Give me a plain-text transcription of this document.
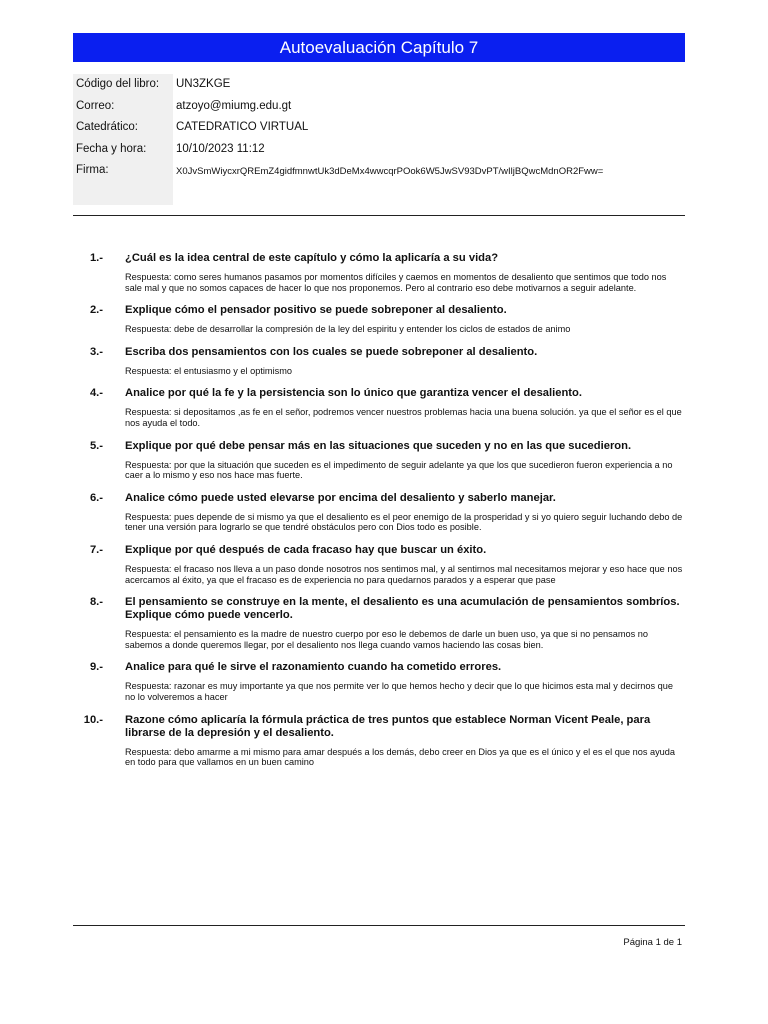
Autoevaluación Capítulo 7
Código del libro:	UN3ZKGE
Correo:	atzoyo@miumg.edu.gt
Catedrático:	CATEDRATICO VIRTUAL
Fecha y hora:	10/10/2023 11:12
Firma:	X0JvSmWiycxrQREmZ4gidfmnwtUk3dDeMx4wwcqrPOok6W5JwSV93DvPT/wIljBQwcMdnOR2Fww=
1.-	¿Cuál es la idea central de este capítulo y cómo la aplicaría a su vida?
Respuesta: como seres humanos pasamos por momentos difíciles y caemos en momentos de desaliento que sentimos que todo nos sale mal y que no somos capaces de hacer lo que nos proponemos. Pero al contrario eso debe motivarnos a seguir adelante.
2.-	Explique cómo el pensador positivo se puede sobreponer al desaliento.
Respuesta: debe de desarrollar la compresión de la ley del espiritu y entender los ciclos de estados de animo
3.-	Escriba dos pensamientos con los cuales se puede sobreponer al desaliento.
Respuesta: el entusiasmo y el optimismo
4.-	Analice por qué la fe y la persistencia son lo único que garantiza vencer el desaliento.
Respuesta: si depositamos ,as fe en el señor, podremos vencer nuestros problemas hacia una buena solución. ya que el señor es el que nos ayuda el todo.
5.-	Explique por qué debe pensar más en las situaciones que suceden y no en las que sucedieron.
Respuesta: por que la situación que suceden es el impedimento de seguir adelante ya que los que sucedieron fueron experiencia a no caer a lo mismo y eso nos hace mas fuerte.
6.-	Analice cómo puede usted elevarse por encima del desaliento y saberlo manejar.
Respuesta: pues depende de si mismo ya que el desaliento es el peor enemigo de la prosperidad y si yo quiero seguir luchando debo de tener una versión para lograrlo se que tendré obstáculos pero con Dios todo es posible.
7.-	Explique por qué después de cada fracaso hay que buscar un éxito.
Respuesta: el fracaso nos lleva a un paso donde nosotros nos sentimos mal, y al sentirnos mal necesitamos mejorar y eso hace que nos acercamos al éxito, ya que el fracaso es de experiencia no para quedarnos parados y a esperar que pase
8.-	El pensamiento se construye en la mente, el desaliento es una acumulación de pensamientos sombríos. Explique cómo puede vencerlo.
Respuesta: el pensamiento es la madre de nuestro cuerpo por eso le debemos de darle un buen uso, ya que si no pensamos no sabemos a donde queremos llegar, por el desaliento nos llega cuando vamos haciendo las cosas bien.
9.-	Analice para qué le sirve el razonamiento cuando ha cometido errores.
Respuesta: razonar es muy importante ya que nos permite ver lo que hemos hecho y decir que lo que hicimos esta mal y decirnos que no lo volveremos a hacer
10.-	Razone cómo aplicaría la fórmula práctica de tres puntos que establece Norman Vicent Peale, para librarse de la depresión y el desaliento.
Respuesta: debo amarme a mi mismo para amar después a los demás, debo creer en Dios ya que es el único y el es el que nos ayuda en todo para que vallamos en un buen camino
Página 1 de 1
